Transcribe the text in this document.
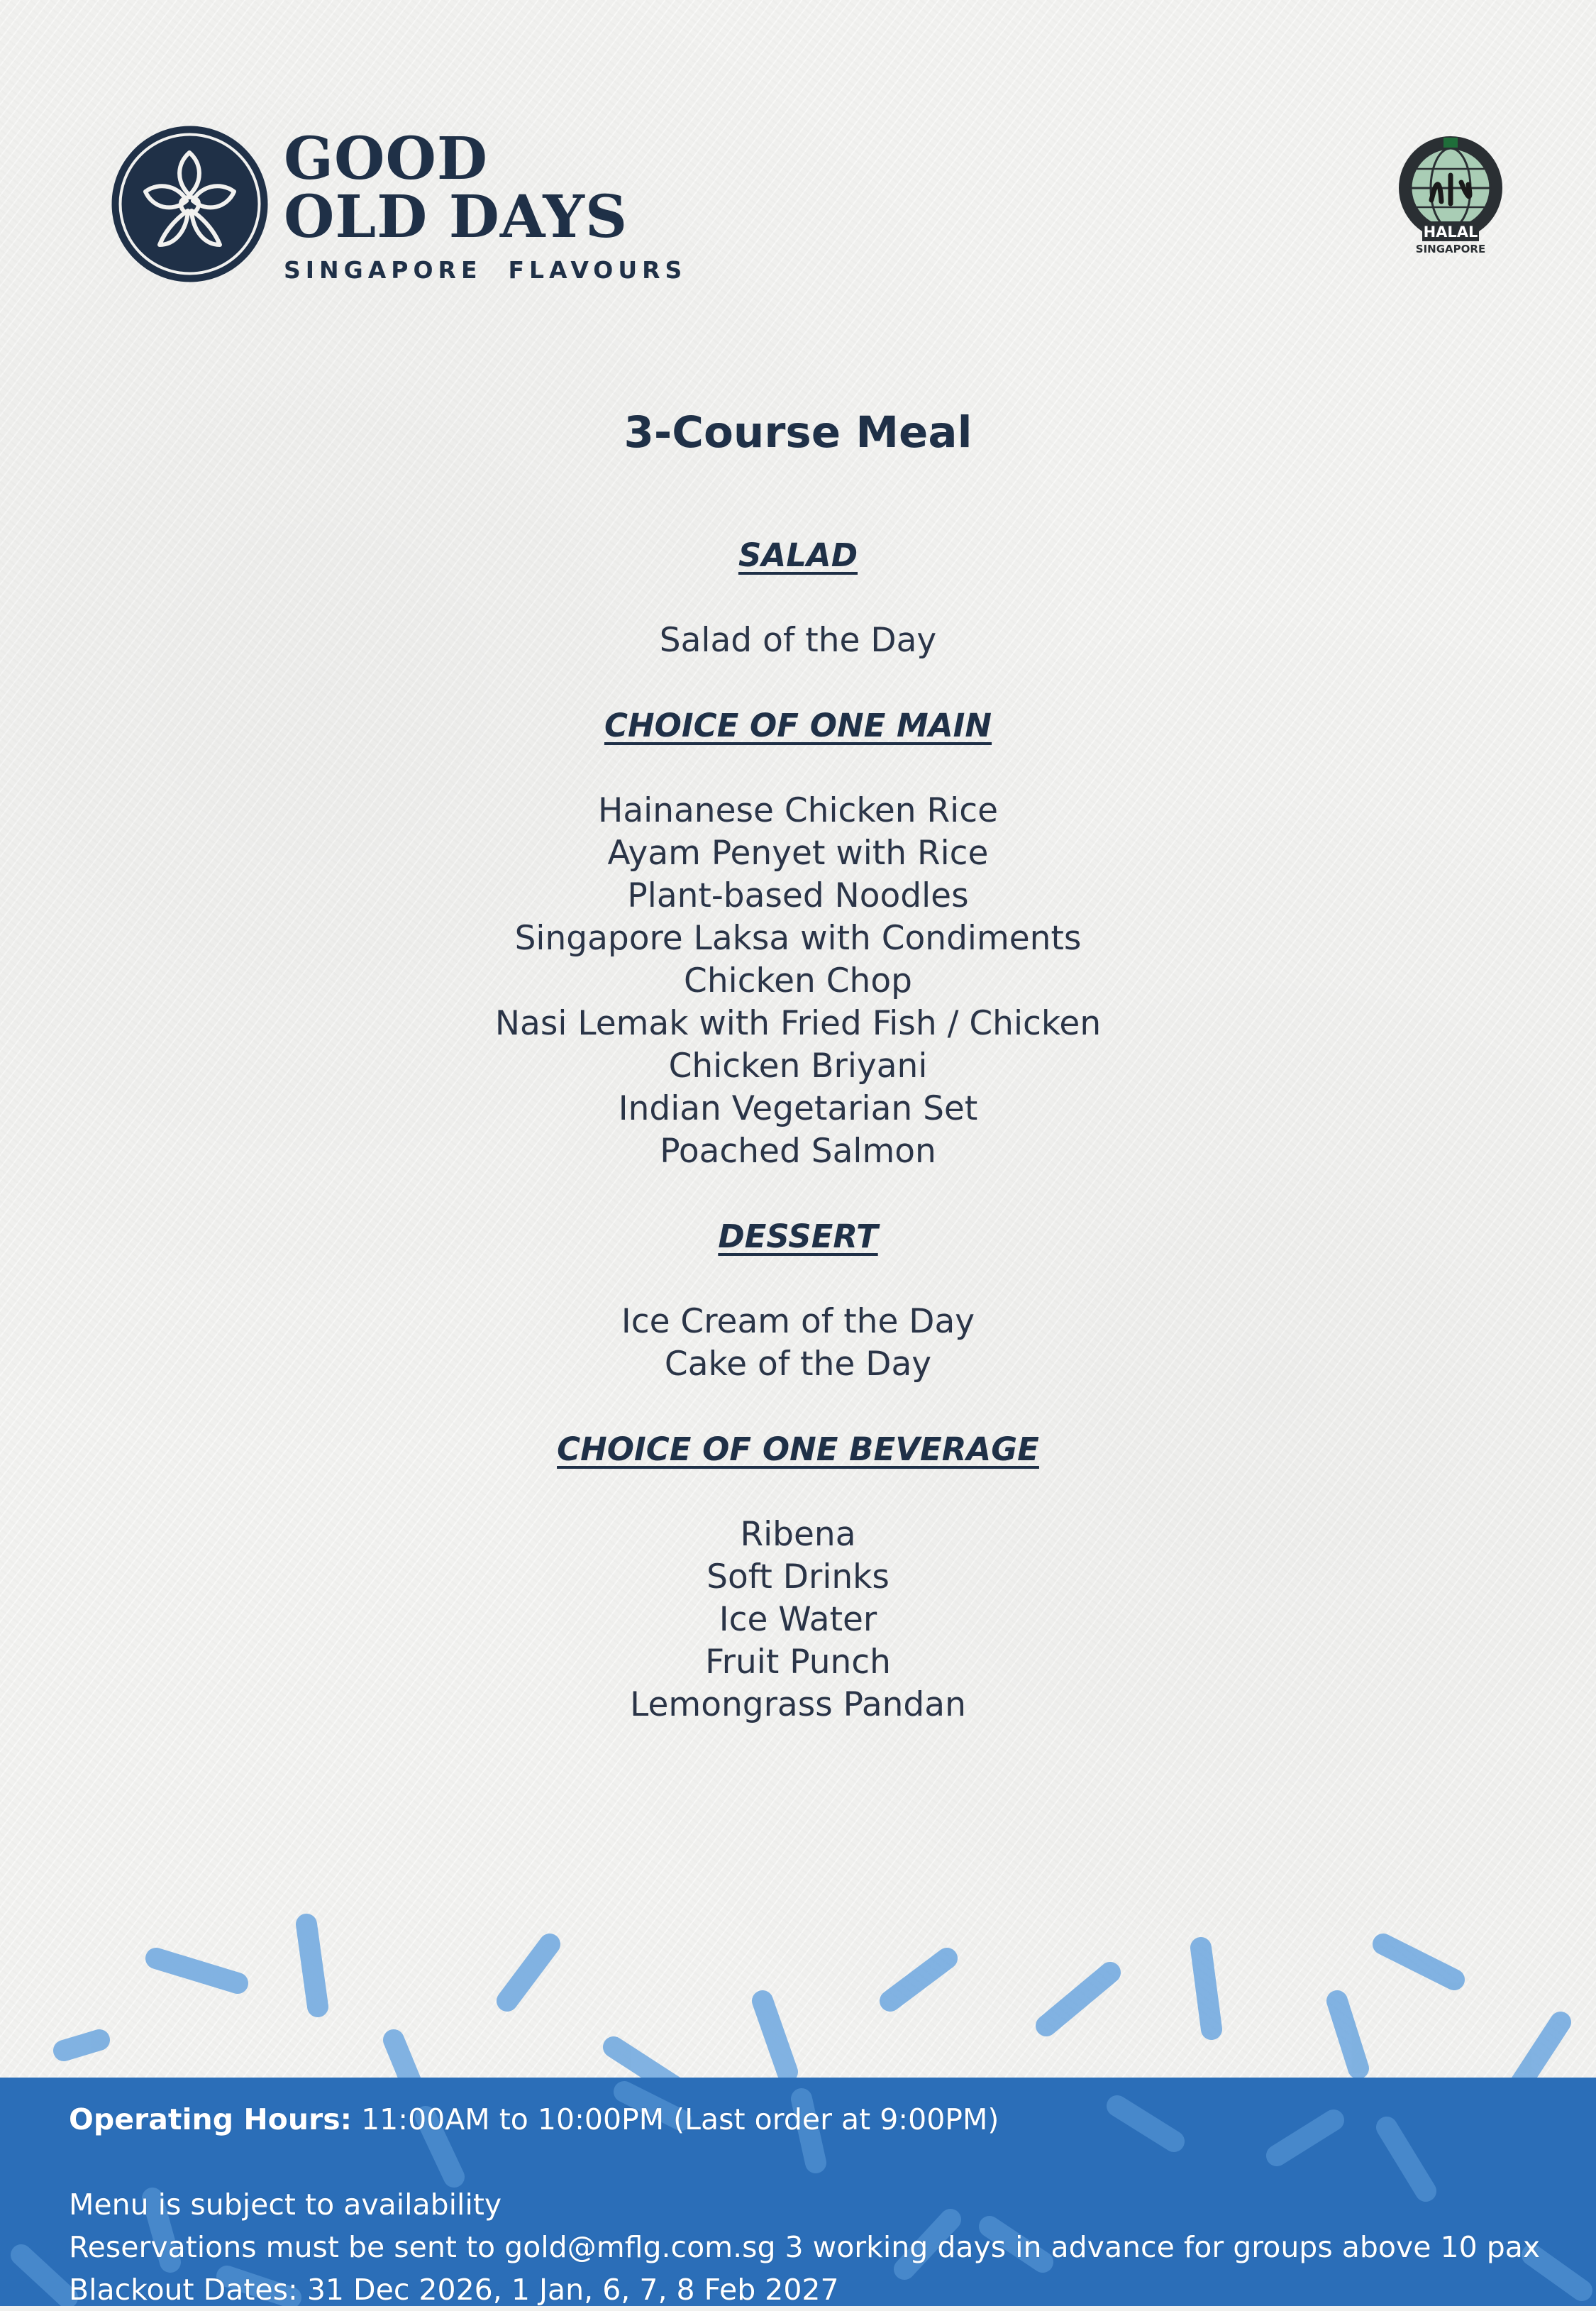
GOOD
OLD DAYS
SINGAPORE  FLAVOURS
HALAL
SINGAPORE
3-Course Meal

SALAD

Salad of the Day

CHOICE OF ONE MAIN

Hainanese Chicken Rice

Ayam Penyet with Rice

Plant-based Noodles

Singapore Laksa with Condiments

Chicken Chop

Nasi Lemak with Fried Fish / Chicken

Chicken Briyani

Indian Vegetarian Set

Poached Salmon

DESSERT

Ice Cream of the Day

Cake of the Day

CHOICE OF ONE BEVERAGE

Ribena

Soft Drinks

Ice Water

Fruit Punch

Lemongrass Pandan

Operating Hours: 11:00AM to 10:00PM (Last order at 9:00PM)

Menu is subject to availability

Reservations must be sent to gold@mflg.com.sg 3 working days in advance for groups above 10 pax

Blackout Dates: 31 Dec 2026, 1 Jan, 6, 7, 8 Feb 2027
